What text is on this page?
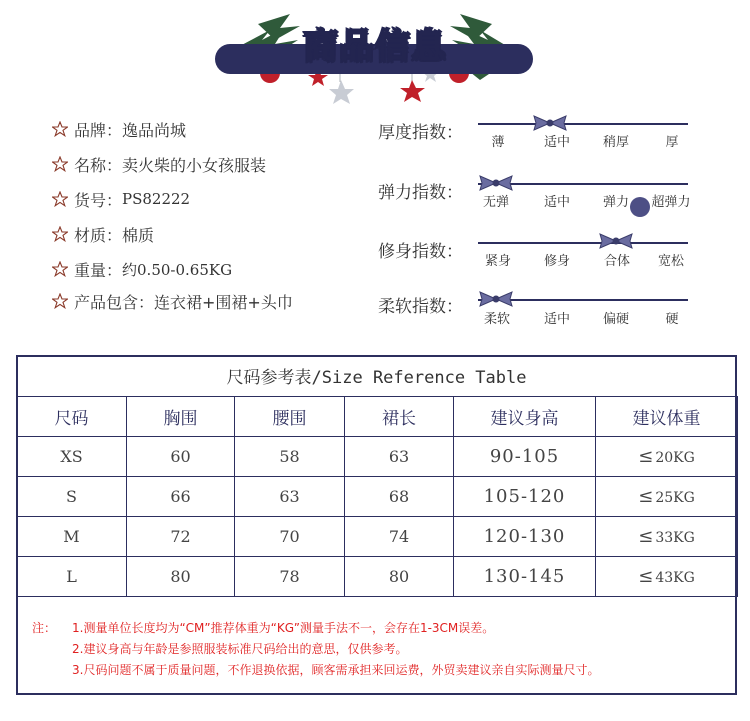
商品信息
品牌： 逸品尚城
名称： 卖火柴的小女孩服装
货号： PS82222
材质： 棉质
重量： 约0.50-0.65KG
产品包含： 连衣裙+围裙+头巾
厚度指数：	薄	适中	稍厚	厚
弹力指数：	无弹	适中	弹力	超弹力
修身指数：	紧身	修身	合体	宽松
柔软指数：
柔软	适中	偏硬	硬
尺码参考表/Size Reference Table
尺码	胸围	腰围	裙长	建议身高	建议体重
XS	60	58	63	90-105	≤ 20KG
S	66	63	68	105-120	≤ 25KG
M	72	70	74	120-130	≤ 33KG
L	80	78	80	130-145	≤ 43KG
注： 1.测量单位长度均为“CM”推荐体重为“KG”测量手法不一，会存在1-3CM误差。
2.建议身高与年龄是参照服装标准尺码给出的意思，仅供参考。
3.尺码问题不属于质量问题，不作退换依据，顾客需承担来回运费，外贸卖建议亲自实际测量尺寸。
